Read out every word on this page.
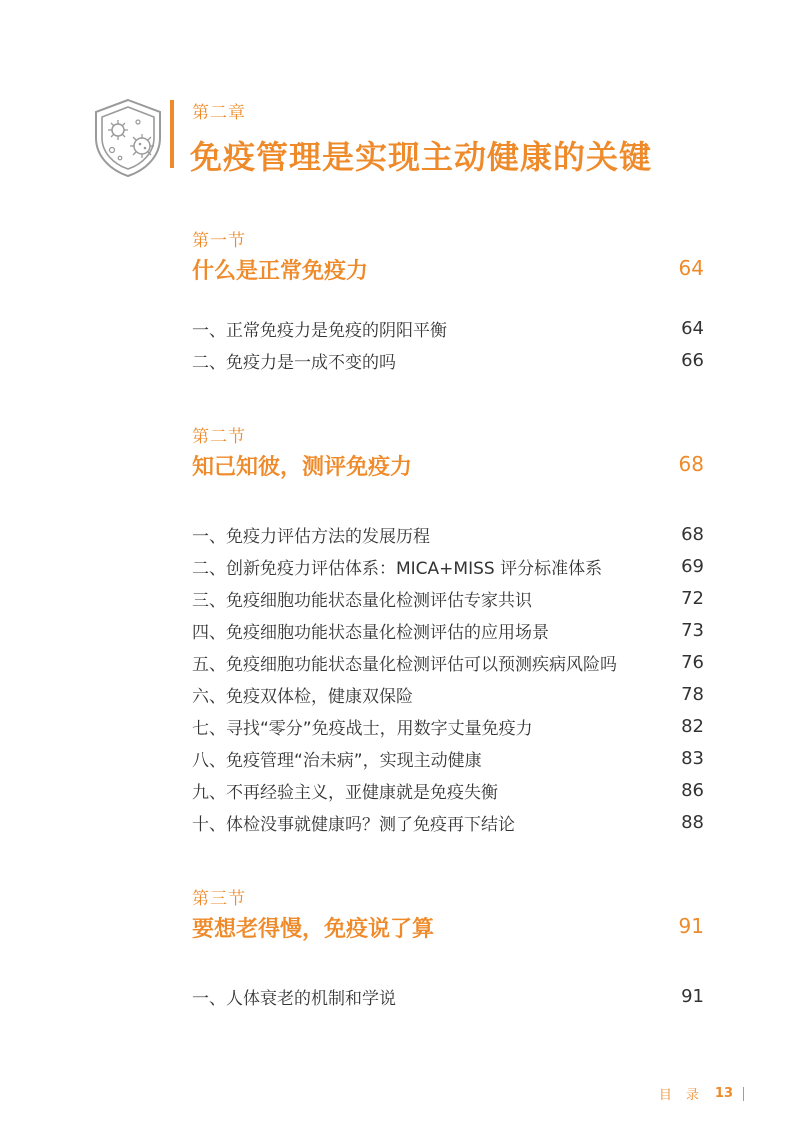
第二章
免疫管理是实现主动健康的关键
第一节
什么是正常免疫力	64
一、正常免疫力是免疫的阴阳平衡	64
二、免疫力是一成不变的吗	66
第二节
知己知彼，测评免疫力	68
一、免疫力评估方法的发展历程	68
二、创新免疫力评估体系：MICA+MISS 评分标准体系	69
三、免疫细胞功能状态量化检测评估专家共识	72
四、免疫细胞功能状态量化检测评估的应用场景	73
五、免疫细胞功能状态量化检测评估可以预测疾病风险吗	76
六、免疫双体检，健康双保险	78
七、寻找“零分”免疫战士，用数字丈量免疫力	82
八、免疫管理“治未病”，实现主动健康	83
九、不再经验主义，亚健康就是免疫失衡	86
十、体检没事就健康吗？测了免疫再下结论	88
第三节
要想老得慢，免疫说了算	91
一、人体衰老的机制和学说	91
目录 13
